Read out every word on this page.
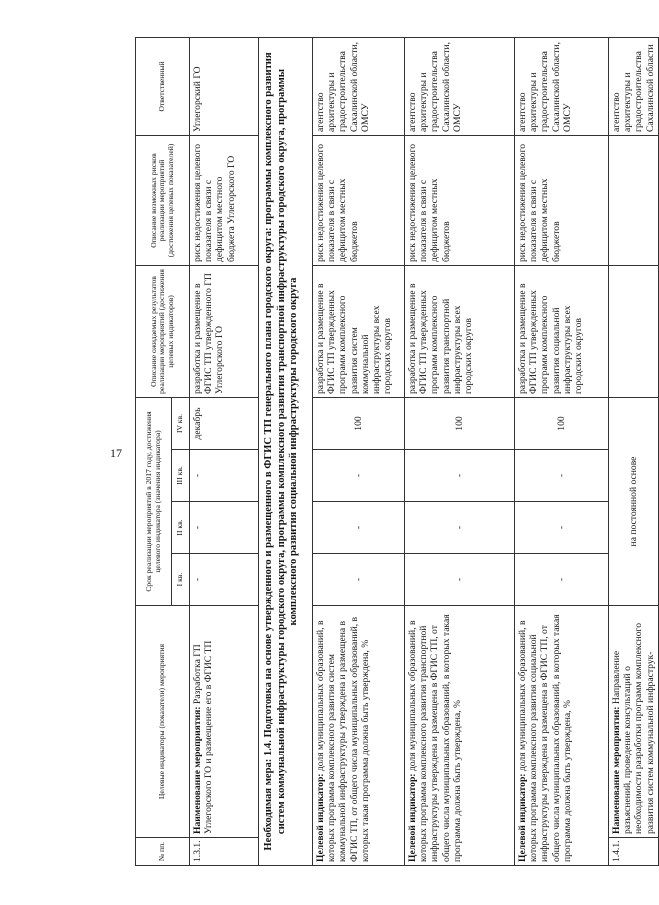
17
№ пп.	Целевые индикаторы (показатели) мероприятия	Срок реализации мероприятий в 2017 году, достижения целевого индикатора (значения индикатора)				Описание ожидаемых результатов реализации мероприятий (достижения целевых индикаторов)	Описание возможных рисков реализации мероприятий (достижения целевых показателей)	Ответственный
		I кв.	II кв.	III кв.	IV кв.			
1.3.1.	Наименование мероприятия: Разработка ГП Углегорского ГО и размещение его в ФГИС ТП	-	-	-	декабрь	разработка и размещение в ФГИС ТП утвержденного ГП Углегорского ГО	риск недостижения целевого показателя в связи с дефицитом местного бюджета Углегорского ГО	Углегорский ГО
Необходимая мера: 1.4. Подготовка на основе утвержденного и размещенного в ФГИС ТП генерального плана городского округа: программы комплексного развития систем коммунальной инфраструктуры городского округа, программы комплексного развития транспортной инфраструктуры городского округа, программы комплексного развития социальной инфраструктуры городского округа								
Целевой индикатор: доля муниципальных образований, в которых программа комплексного развития систем коммунальной инфраструктуры утверждена и размещена в ФГИС ТП, от общего числа муниципальных образований, в которых такая программа должна быть утверждена, %		-	-	-	100	разработка и размещение в ФГИС ТП утвержденных программ комплексного развития систем коммунальной инфраструктуры всех городских округов	риск недостижения целевого показателя в связи с дефицитом местных бюджетов	агентство архитектуры и градостроительства Сахалинской области, ОМСУ
Целевой индикатор: доля муниципальных образований, в которых программа комплексного развития транспортной инфраструктуры утверждена и размещена в ФГИС ТП, от общего числа муниципальных образований, в которых такая программа должна быть утверждена, %		-	-	-	100	разработка и размещение в ФГИС ТП утвержденных программ комплексного развития транспортной инфраструктуры всех городских округов	риск недостижения целевого показателя в связи с дефицитом местных бюджетов	агентство архитектуры и градостроительства Сахалинской области, ОМСУ
Целевой индикатор: доля муниципальных образований, в которых программа комплексного развития социальной инфраструктуры утверждена и размещена в ФГИС ТП, от общего числа муниципальных образований, в которых такая программа должна быть утверждена, %		-	-	-	100	разработка и размещение в ФГИС ТП утвержденных программ комплексного развития социальной инфраструктуры всех городских округов	риск недостижения целевого показателя в связи с дефицитом местных бюджетов	агентство архитектуры и градостроительства Сахалинской области, ОМСУ
1.4.1.	Наименование мероприятия: Направление разъяснений, проведение консультаций о необходимости разработки программ комплексного развития систем коммунальной инфраструк-	на постоянной основе						агентство архитектуры и градостроительства Сахалинской области
